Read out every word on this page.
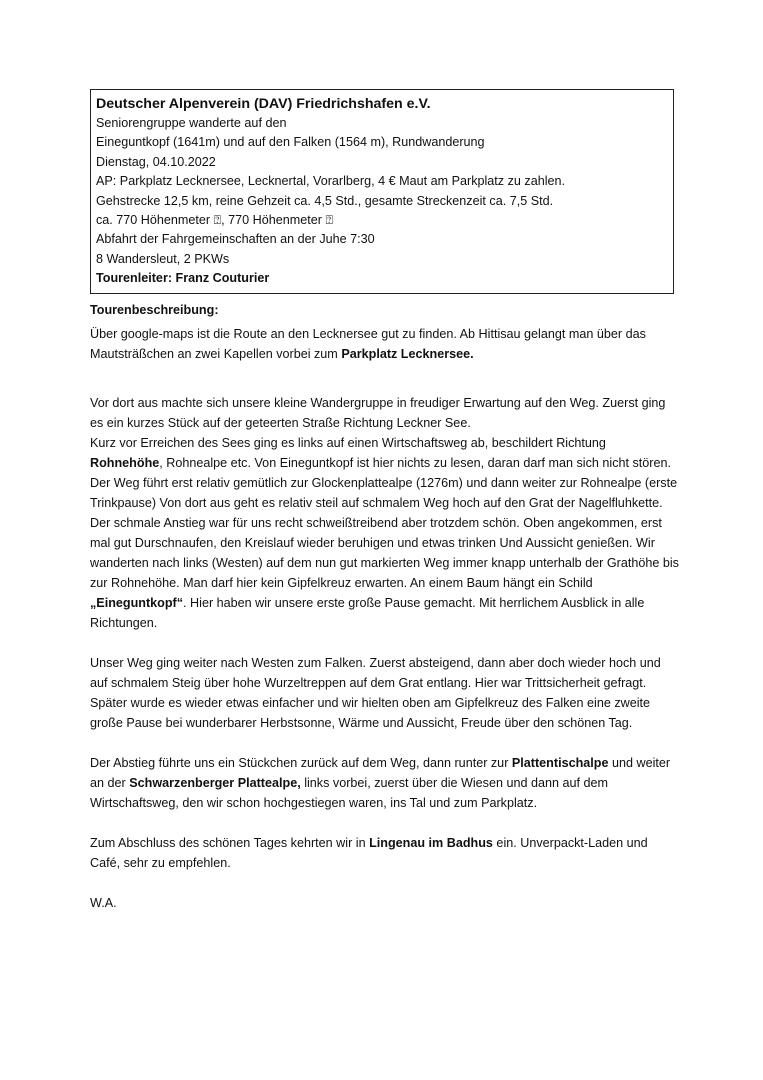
Deutscher Alpenverein (DAV) Friedrichshafen e.V.
Seniorengruppe wanderte auf den
Eineguntkopf (1641m) und auf den Falken (1564 m), Rundwanderung
Dienstag, 04.10.2022
AP: Parkplatz Lecknersee, Lecknertal, Vorarlberg, 4 € Maut am Parkplatz zu zahlen.
Gehstrecke 12,5 km, reine Gehzeit ca. 4,5 Std., gesamte Streckenzeit ca. 7,5 Std.
ca. 770 Höhenmeter ⍰, 770 Höhenmeter ⍰
Abfahrt der Fahrgemeinschaften an der Juhe 7:30
8 Wandersleut, 2 PKWs
Tourenleiter: Franz Couturier

Tourenbeschreibung:

Über google-maps ist die Route an den Lecknersee gut zu finden. Ab Hittisau gelangt man über das Mautsträßchen an zwei Kapellen vorbei zum Parkplatz Lecknersee.

Vor dort aus machte sich unsere kleine Wandergruppe in freudiger Erwartung auf den Weg. Zuerst ging es ein kurzes Stück auf der geteerten Straße Richtung Leckner See.

Kurz vor Erreichen des Sees ging es links auf einen Wirtschaftsweg ab, beschildert Richtung Rohnehöhe, Rohnealpe etc. Von Eineguntkopf ist hier nichts zu lesen, daran darf man sich nicht stören.

Der Weg führt erst relativ gemütlich zur Glockenplattealpe (1276m) und dann weiter zur Rohnealpe (erste Trinkpause) Von dort aus geht es relativ steil auf schmalem Weg hoch auf den Grat der Nagelfluhkette.

Der schmale Anstieg war für uns recht schweißtreibend aber trotzdem schön. Oben angekommen, erst mal gut Durschnaufen, den Kreislauf wieder beruhigen und etwas trinken Und Aussicht genießen. Wir wanderten nach links (Westen) auf dem nun gut markierten Weg immer knapp unterhalb der Grathöhe bis zur Rohnehöhe. Man darf hier kein Gipfelkreuz erwarten. An einem Baum hängt ein Schild „Eineguntkopf“. Hier haben wir unsere erste große Pause gemacht. Mit herrlichem Ausblick in alle Richtungen.

Unser Weg ging weiter nach Westen zum Falken. Zuerst absteigend, dann aber doch wieder hoch und auf schmalem Steig über hohe Wurzeltreppen auf dem Grat entlang. Hier war Trittsicherheit gefragt. Später wurde es wieder etwas einfacher und wir hielten oben am Gipfelkreuz des Falken eine zweite große Pause bei wunderbarer Herbstsonne, Wärme und Aussicht, Freude über den schönen Tag.

Der Abstieg führte uns ein Stückchen zurück auf dem Weg, dann runter zur Plattentischalpe und weiter an der Schwarzenberger Plattealpe, links vorbei, zuerst über die Wiesen und dann auf dem Wirtschaftsweg, den wir schon hochgestiegen waren, ins Tal und zum Parkplatz.

Zum Abschluss des schönen Tages kehrten wir in Lingenau im Badhus ein. Unverpackt-Laden und Café, sehr zu empfehlen.

W.A.
